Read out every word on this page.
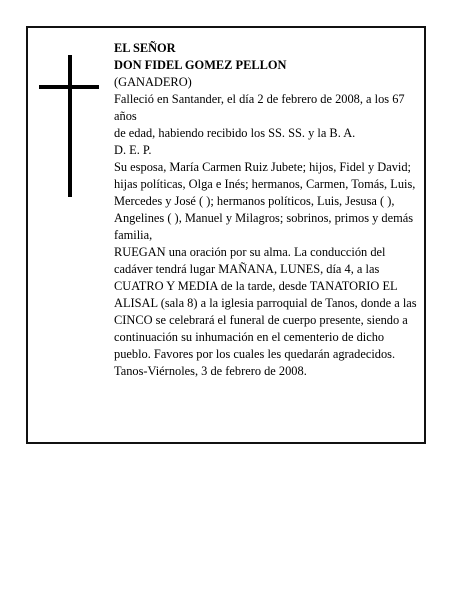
EL SEÑOR

DON FIDEL GOMEZ PELLON

(GANADERO)

Falleció en Santander, el día 2 de febrero de 2008, a los 67 años

de edad, habiendo recibido los SS. SS. y la B. A.

D. E. P.

Su esposa, María Carmen Ruiz Jubete; hijos, Fidel y David; hijas políticas, Olga e Inés; hermanos, Carmen, Tomás, Luis, Mercedes y José ( ); hermanos políticos, Luis, Jesusa ( ), Angelines ( ), Manuel y Milagros; sobrinos, primos y demás familia,

RUEGAN una oración por su alma. La conducción del cadáver tendrá lugar MAÑANA, LUNES, día 4, a las CUATRO Y MEDIA de la tarde, desde TANATORIO EL ALISAL (sala 8) a la iglesia parroquial de Tanos, donde a las CINCO se celebrará el funeral de cuerpo presente, siendo a continuación su inhumación en el cementerio de dicho pueblo. Favores por los cuales les quedarán agradecidos.

Tanos-Viérnoles, 3 de febrero de 2008.
